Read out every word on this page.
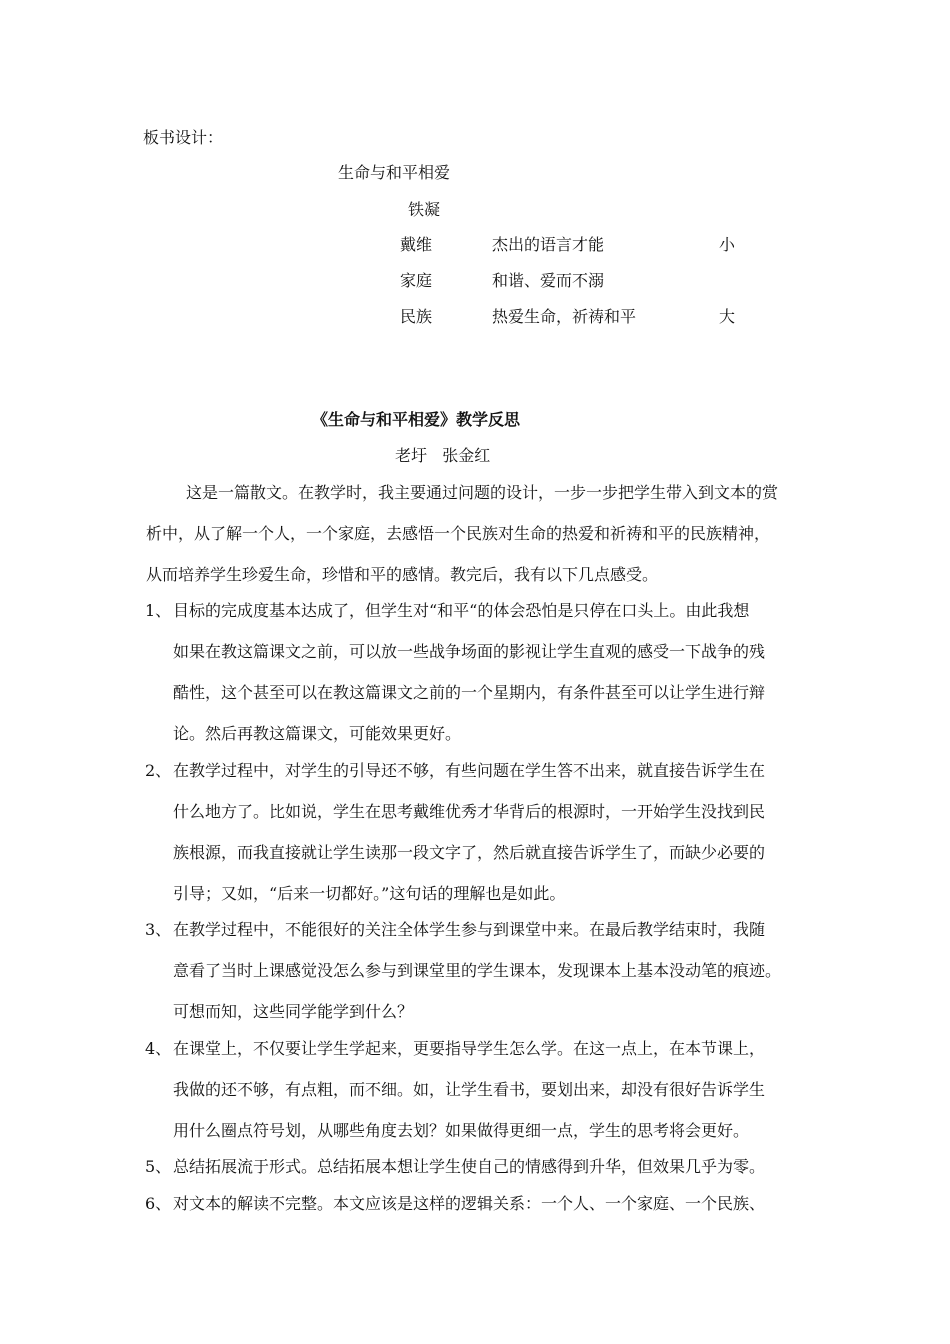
板书设计：
生命与和平相爱
铁凝
戴维	杰出的语言才能	小
家庭	和谐、爱而不溺
民族	热爱生命，祈祷和平	大
《生命与和平相爱》教学反思
老圩   张金红
这是一篇散文。在教学时，我主要通过问题的设计，一步一步把学生带入到文本的赏
析中，从了解一个人，一个家庭，去感悟一个民族对生命的热爱和祈祷和平的民族精神，
从而培养学生珍爱生命，珍惜和平的感情。教完后，我有以下几点感受。
1、 目标的完成度基本达成了，但学生对“和平“的体会恐怕是只停在口头上。由此我想
如果在教这篇课文之前，可以放一些战争场面的影视让学生直观的感受一下战争的残
酷性，这个甚至可以在教这篇课文之前的一个星期内，有条件甚至可以让学生进行辩
论。然后再教这篇课文，可能效果更好。
2、 在教学过程中，对学生的引导还不够，有些问题在学生答不出来，就直接告诉学生在
什么地方了。比如说，学生在思考戴维优秀才华背后的根源时，一开始学生没找到民
族根源，而我直接就让学生读那一段文字了，然后就直接告诉学生了，而缺少必要的
引导；又如，“后来一切都好。”这句话的理解也是如此。
3、 在教学过程中，不能很好的关注全体学生参与到课堂中来。在最后教学结束时，我随
意看了当时上课感觉没怎么参与到课堂里的学生课本，发现课本上基本没动笔的痕迹。
可想而知，这些同学能学到什么？
4、 在课堂上，不仅要让学生学起来，更要指导学生怎么学。在这一点上，在本节课上，
我做的还不够，有点粗，而不细。如，让学生看书，要划出来，却没有很好告诉学生
用什么圈点符号划，从哪些角度去划？如果做得更细一点，学生的思考将会更好。
5、 总结拓展流于形式。总结拓展本想让学生使自己的情感得到升华，但效果几乎为零。
6、 对文本的解读不完整。本文应该是这样的逻辑关系：一个人、一个家庭、一个民族、
